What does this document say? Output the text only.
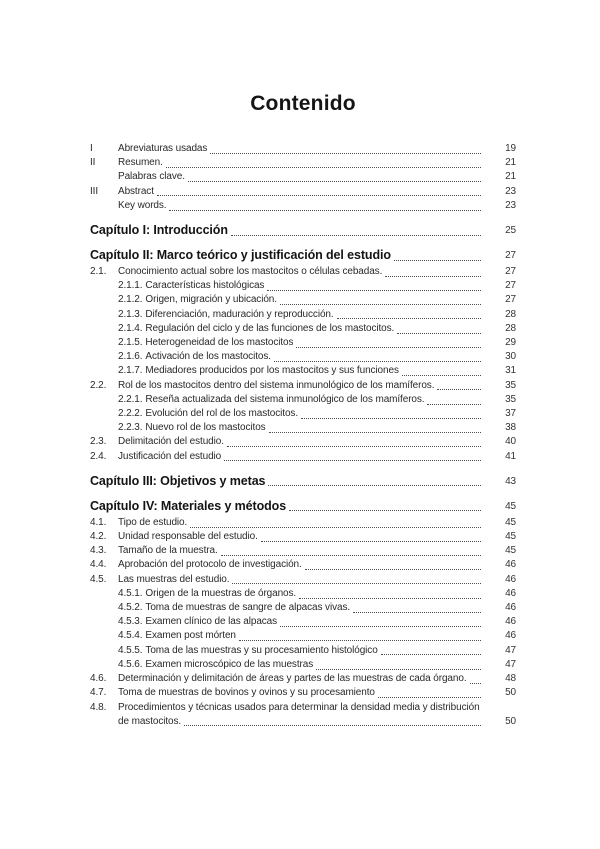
Contenido
I	Abreviaturas usadas	19
II	Resumen.	21
Palabras clave.	21
III	Abstract	23
Key words.	23
Capítulo I: Introducción	25
Capítulo II: Marco teórico y justificación del estudio	27
2.1.	Conocimiento actual sobre los mastocitos o células cebadas.	27
2.1.1. Características histológicas	27
2.1.2. Origen, migración y ubicación.	27
2.1.3. Diferenciación, maduración y reproducción.	28
2.1.4. Regulación del ciclo y de las funciones de los mastocitos.	28
2.1.5. Heterogeneidad de los mastocitos	29
2.1.6. Activación de los mastocitos.	30
2.1.7. Mediadores producidos por los mastocitos y sus funciones	31
2.2.	Rol de los mastocitos dentro del sistema inmunológico de los mamíferos.	35
2.2.1. Reseña actualizada del sistema inmunológico de los mamíferos.	35
2.2.2. Evolución del rol de los mastocitos.	37
2.2.3. Nuevo rol de los mastocitos	38
2.3.	Delimitación del estudio.	40
2.4.	Justificación del estudio	41
Capítulo III: Objetivos y metas	43
Capítulo IV: Materiales y métodos	45
4.1.	Tipo de estudio.	45
4.2.	Unidad responsable del estudio.	45
4.3.	Tamaño de la muestra.	45
4.4.	Aprobación del protocolo de investigación.	46
4.5.	Las muestras del estudio.	46
4.5.1. Origen de la muestras de órganos.	46
4.5.2. Toma de muestras de sangre de alpacas vivas.	46
4.5.3. Examen clínico de las alpacas	46
4.5.4. Examen post mórten	46
4.5.5. Toma de las muestras y su procesamiento histológico	47
4.5.6. Examen microscópico de las muestras	47
4.6.	Determinación y delimitación de áreas y partes de las muestras de cada órgano.	48
4.7.	Toma de muestras de bovinos y ovinos y su procesamiento	50
4.8.	Procedimientos y técnicas usados para determinar la densidad media y distribución
de mastocitos.	50
